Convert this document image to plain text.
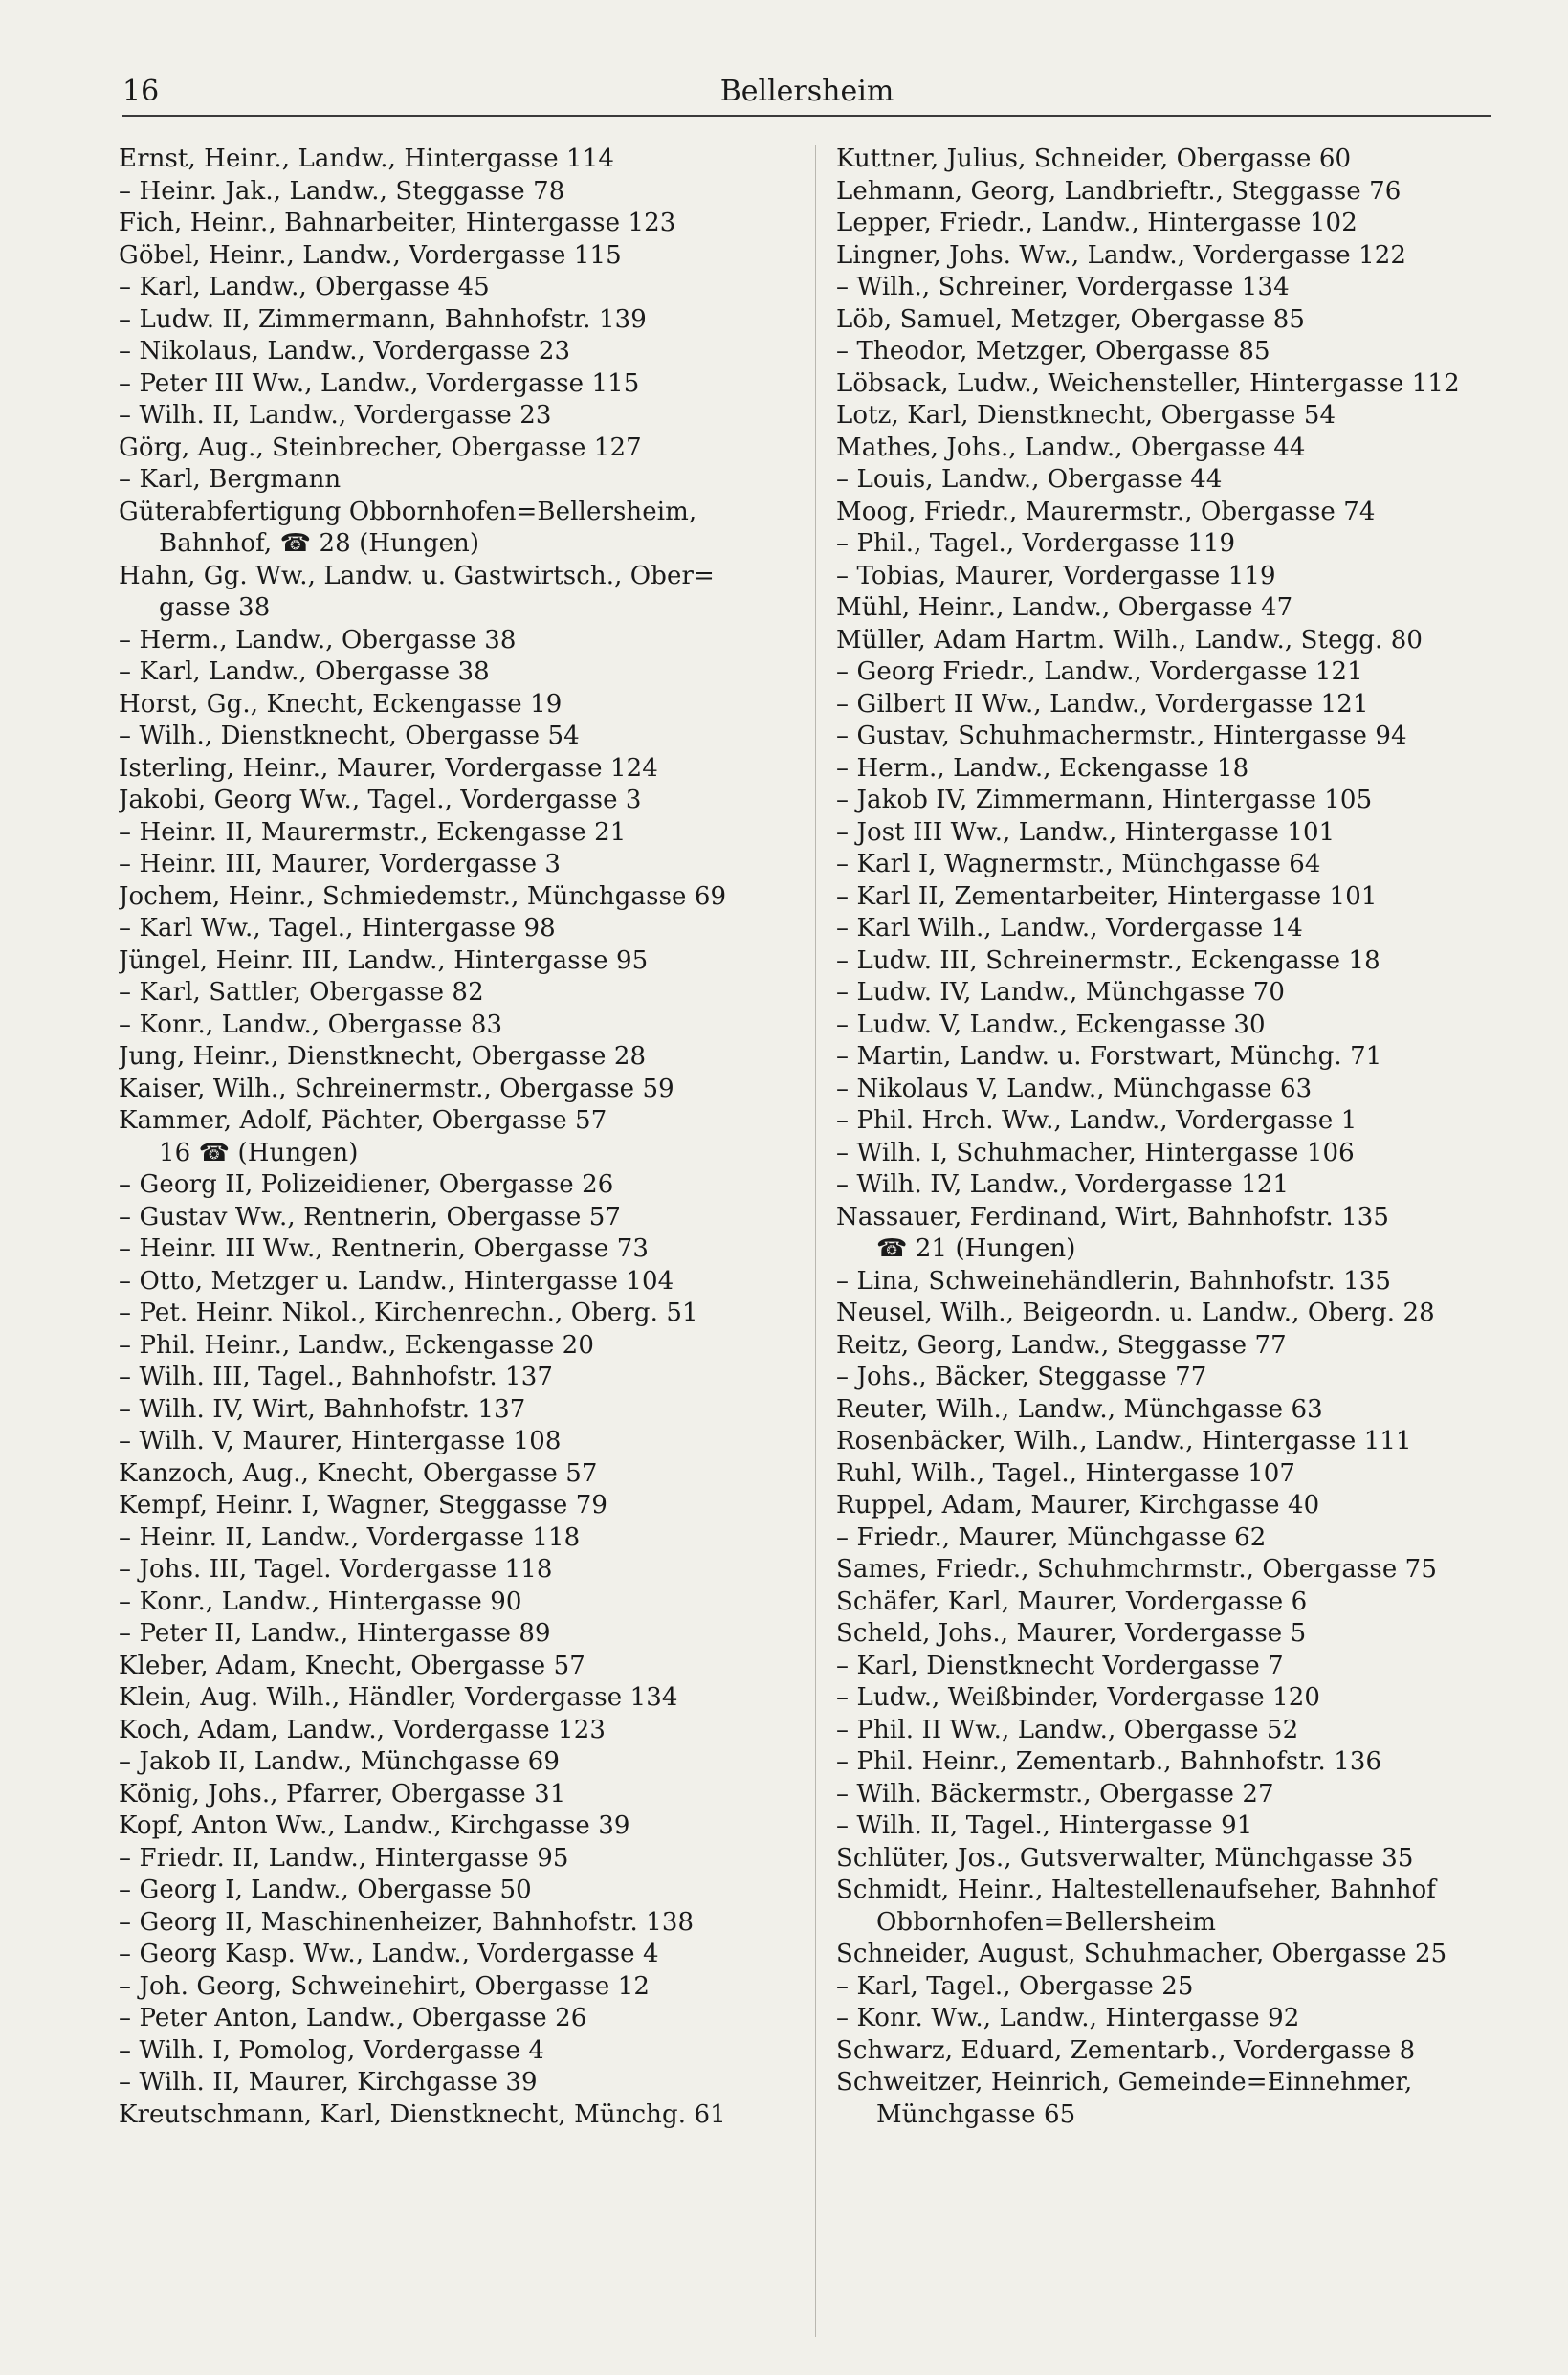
16	Bellersheim
Ernst, Heinr., Landw., Hintergasse 114
– Heinr. Jak., Landw., Steggasse 78
Fich, Heinr., Bahnarbeiter, Hintergasse 123
Göbel, Heinr., Landw., Vordergasse 115
– Karl, Landw., Obergasse 45
– Ludw. II, Zimmermann, Bahnhofstr. 139
– Nikolaus, Landw., Vordergasse 23
– Peter III Ww., Landw., Vordergasse 115
– Wilh. II, Landw., Vordergasse 23
Görg, Aug., Steinbrecher, Obergasse 127
– Karl, Bergmann
Güterabfertigung Obbornhofen=Bellersheim,
Bahnhof, ☎ 28 (Hungen)
Hahn, Gg. Ww., Landw. u. Gastwirtsch., Ober=
gasse 38
– Herm., Landw., Obergasse 38
– Karl, Landw., Obergasse 38
Horst, Gg., Knecht, Eckengasse 19
– Wilh., Dienstknecht, Obergasse 54
Isterling, Heinr., Maurer, Vordergasse 124
Jakobi, Georg Ww., Tagel., Vordergasse 3
– Heinr. II, Maurermstr., Eckengasse 21
– Heinr. III, Maurer, Vordergasse 3
Jochem, Heinr., Schmiedemstr., Münchgasse 69
– Karl Ww., Tagel., Hintergasse 98
Jüngel, Heinr. III, Landw., Hintergasse 95
– Karl, Sattler, Obergasse 82
– Konr., Landw., Obergasse 83
Jung, Heinr., Dienstknecht, Obergasse 28
Kaiser, Wilh., Schreinermstr., Obergasse 59
Kammer, Adolf, Pächter, Obergasse 57
16 ☎ (Hungen)
– Georg II, Polizeidiener, Obergasse 26
– Gustav Ww., Rentnerin, Obergasse 57
– Heinr. III Ww., Rentnerin, Obergasse 73
– Otto, Metzger u. Landw., Hintergasse 104
– Pet. Heinr. Nikol., Kirchenrechn., Oberg. 51
– Phil. Heinr., Landw., Eckengasse 20
– Wilh. III, Tagel., Bahnhofstr. 137
– Wilh. IV, Wirt, Bahnhofstr. 137
– Wilh. V, Maurer, Hintergasse 108
Kanzoch, Aug., Knecht, Obergasse 57
Kempf, Heinr. I, Wagner, Steggasse 79
– Heinr. II, Landw., Vordergasse 118
– Johs. III, Tagel. Vordergasse 118
– Konr., Landw., Hintergasse 90
– Peter II, Landw., Hintergasse 89
Kleber, Adam, Knecht, Obergasse 57
Klein, Aug. Wilh., Händler, Vordergasse 134
Koch, Adam, Landw., Vordergasse 123
– Jakob II, Landw., Münchgasse 69
König, Johs., Pfarrer, Obergasse 31
Kopf, Anton Ww., Landw., Kirchgasse 39
– Friedr. II, Landw., Hintergasse 95
– Georg I, Landw., Obergasse 50
– Georg II, Maschinenheizer, Bahnhofstr. 138
– Georg Kasp. Ww., Landw., Vordergasse 4
– Joh. Georg, Schweinehirt, Obergasse 12
– Peter Anton, Landw., Obergasse 26
– Wilh. I, Pomolog, Vordergasse 4
– Wilh. II, Maurer, Kirchgasse 39
Kreutschmann, Karl, Dienstknecht, Münchg. 61
Kuttner, Julius, Schneider, Obergasse 60
Lehmann, Georg, Landbrieftr., Steggasse 76
Lepper, Friedr., Landw., Hintergasse 102
Lingner, Johs. Ww., Landw., Vordergasse 122
– Wilh., Schreiner, Vordergasse 134
Löb, Samuel, Metzger, Obergasse 85
– Theodor, Metzger, Obergasse 85
Löbsack, Ludw., Weichensteller, Hintergasse 112
Lotz, Karl, Dienstknecht, Obergasse 54
Mathes, Johs., Landw., Obergasse 44
– Louis, Landw., Obergasse 44
Moog, Friedr., Maurermstr., Obergasse 74
– Phil., Tagel., Vordergasse 119
– Tobias, Maurer, Vordergasse 119
Mühl, Heinr., Landw., Obergasse 47
Müller, Adam Hartm. Wilh., Landw., Stegg. 80
– Georg Friedr., Landw., Vordergasse 121
– Gilbert II Ww., Landw., Vordergasse 121
– Gustav, Schuhmachermstr., Hintergasse 94
– Herm., Landw., Eckengasse 18
– Jakob IV, Zimmermann, Hintergasse 105
– Jost III Ww., Landw., Hintergasse 101
– Karl I, Wagnermstr., Münchgasse 64
– Karl II, Zementarbeiter, Hintergasse 101
– Karl Wilh., Landw., Vordergasse 14
– Ludw. III, Schreinermstr., Eckengasse 18
– Ludw. IV, Landw., Münchgasse 70
– Ludw. V, Landw., Eckengasse 30
– Martin, Landw. u. Forstwart, Münchg. 71
– Nikolaus V, Landw., Münchgasse 63
– Phil. Hrch. Ww., Landw., Vordergasse 1
– Wilh. I, Schuhmacher, Hintergasse 106
– Wilh. IV, Landw., Vordergasse 121
Nassauer, Ferdinand, Wirt, Bahnhofstr. 135
☎ 21 (Hungen)
– Lina, Schweinehändlerin, Bahnhofstr. 135
Neusel, Wilh., Beigeordn. u. Landw., Oberg. 28
Reitz, Georg, Landw., Steggasse 77
– Johs., Bäcker, Steggasse 77
Reuter, Wilh., Landw., Münchgasse 63
Rosenbäcker, Wilh., Landw., Hintergasse 111
Ruhl, Wilh., Tagel., Hintergasse 107
Ruppel, Adam, Maurer, Kirchgasse 40
– Friedr., Maurer, Münchgasse 62
Sames, Friedr., Schuhmchrmstr., Obergasse 75
Schäfer, Karl, Maurer, Vordergasse 6
Scheld, Johs., Maurer, Vordergasse 5
– Karl, Dienstknecht Vordergasse 7
– Ludw., Weißbinder, Vordergasse 120
– Phil. II Ww., Landw., Obergasse 52
– Phil. Heinr., Zementarb., Bahnhofstr. 136
– Wilh. Bäckermstr., Obergasse 27
– Wilh. II, Tagel., Hintergasse 91
Schlüter, Jos., Gutsverwalter, Münchgasse 35
Schmidt, Heinr., Haltestellenaufseher, Bahnhof
Obbornhofen=Bellersheim
Schneider, August, Schuhmacher, Obergasse 25
– Karl, Tagel., Obergasse 25
– Konr. Ww., Landw., Hintergasse 92
Schwarz, Eduard, Zementarb., Vordergasse 8
Schweitzer, Heinrich, Gemeinde=Einnehmer,
Münchgasse 65
